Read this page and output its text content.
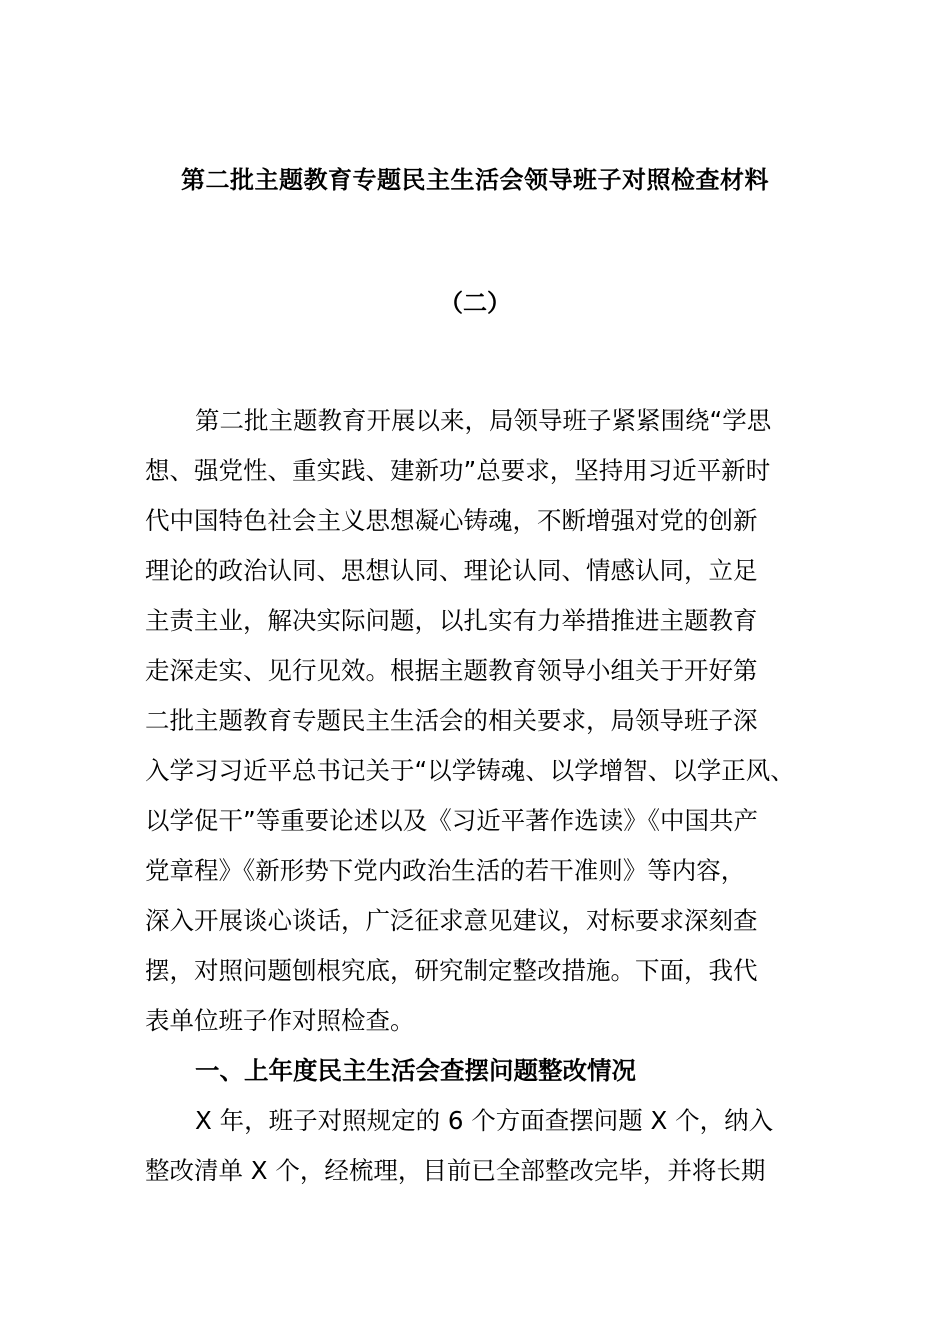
第二批主题教育专题民主生活会领导班子对照检查材料
（二）
第二批主题教育开展以来，局领导班子紧紧围绕“学思
想、强党性、重实践、建新功”总要求，坚持用习近平新时
代中国特色社会主义思想凝心铸魂，不断增强对党的创新
理论的政治认同、思想认同、理论认同、情感认同，立足
主责主业，解决实际问题，以扎实有力举措推进主题教育
走深走实、见行见效。根据主题教育领导小组关于开好第
二批主题教育专题民主生活会的相关要求，局领导班子深
入学习习近平总书记关于“以学铸魂、以学增智、以学正风、
以学促干”等重要论述以及《习近平著作选读》《中国共产
党章程》《新形势下党内政治生活的若干准则》等内容，
深入开展谈心谈话，广泛征求意见建议，对标要求深刻查
摆，对照问题刨根究底，研究制定整改措施。下面，我代
表单位班子作对照检查。
一、上年度民主生活会查摆问题整改情况
X 年，班子对照规定的 6 个方面查摆问题 X 个，纳入
整改清单 X 个，经梳理，目前已全部整改完毕，并将长期
